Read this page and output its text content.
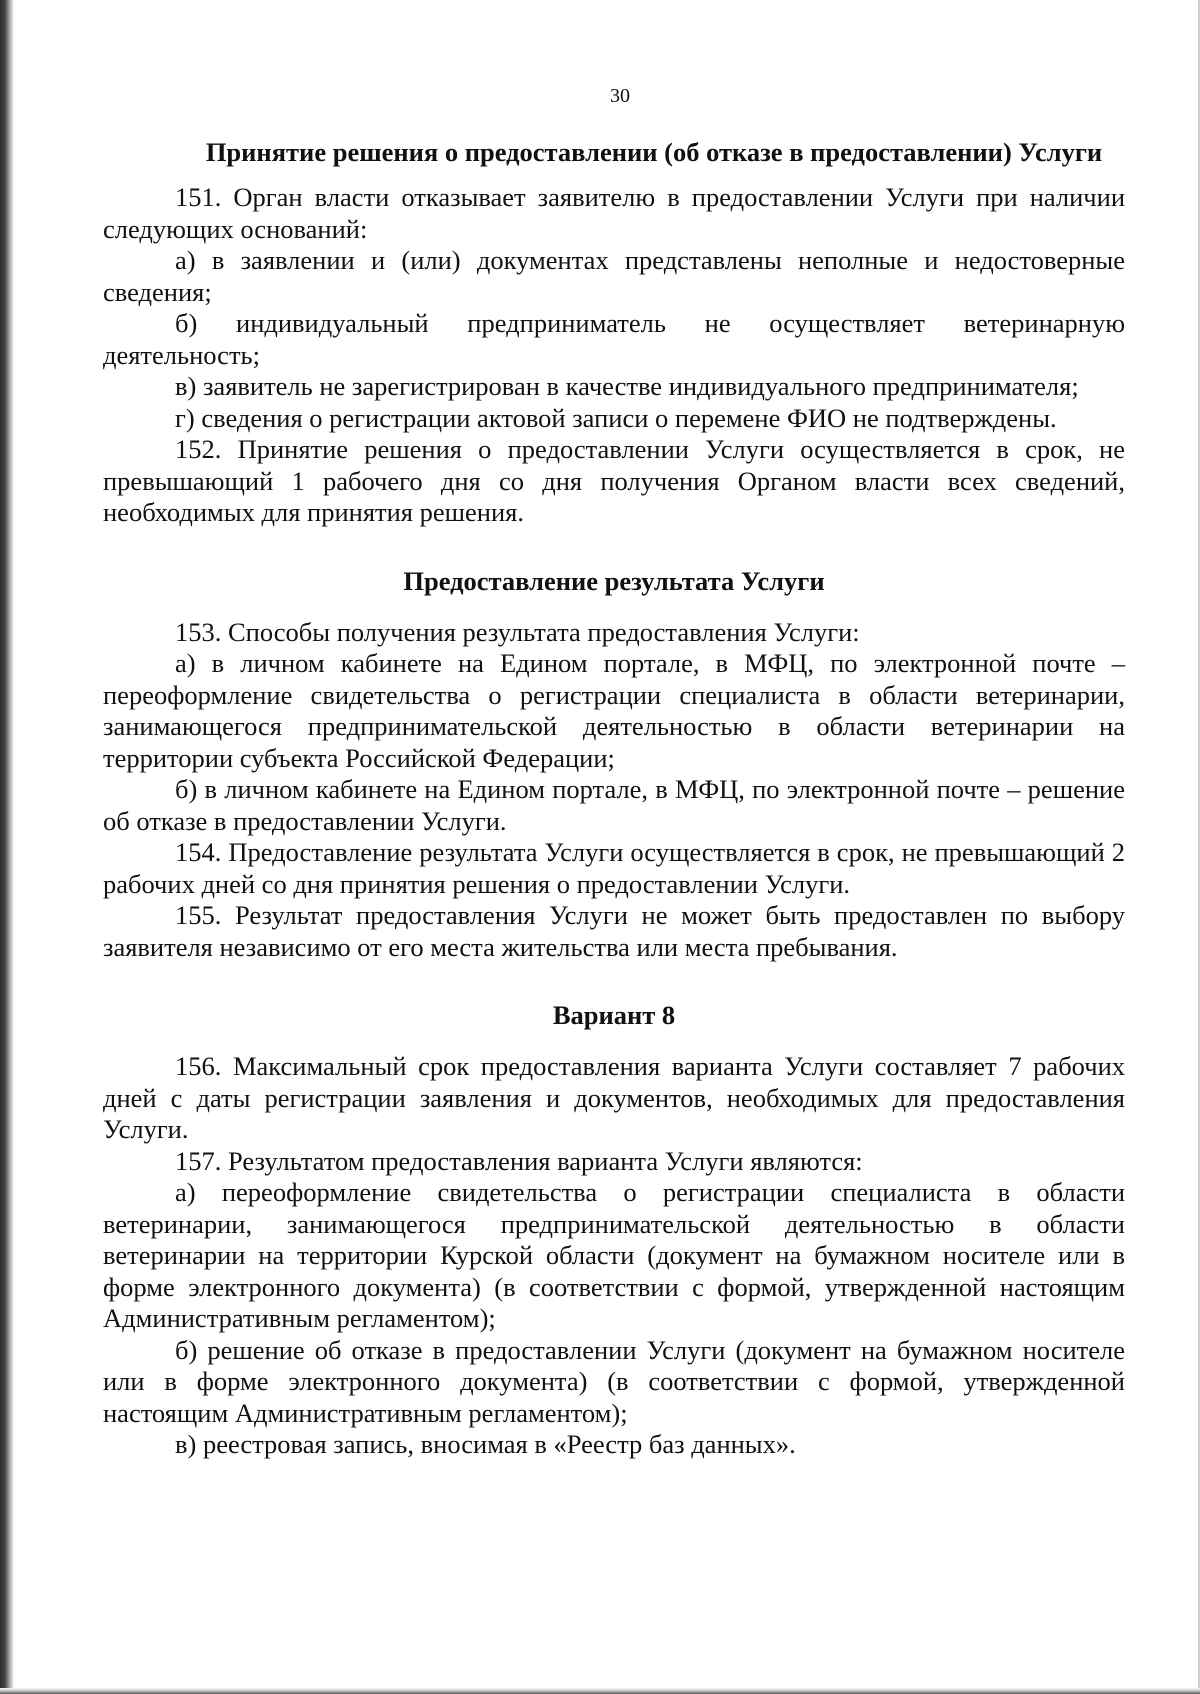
30
Принятие решения о предоставлении (об отказе в предоставлении) Услуги

151. Орган власти отказывает заявителю в предоставлении Услуги при наличии следующих оснований:

а) в заявлении и (или) документах представлены неполные и недостоверные сведения;

б) индивидуальный предприниматель не осуществляет ветеринарную деятельность;

в) заявитель не зарегистрирован в качестве индивидуального предпринимателя;

г) сведения о регистрации актовой записи о перемене ФИО не подтверждены.

152. Принятие решения о предоставлении Услуги осуществляется в срок, не превышающий 1 рабочего дня со дня получения Органом власти всех сведений, необходимых для принятия решения.

Предоставление результата Услуги

153. Способы получения результата предоставления Услуги:

а) в личном кабинете на Едином портале, в МФЦ, по электронной почте – переоформление свидетельства о регистрации специалиста в области ветеринарии, занимающегося предпринимательской деятельностью в области ветеринарии на территории субъекта Российской Федерации;

б) в личном кабинете на Едином портале, в МФЦ, по электронной почте – решение об отказе в предоставлении Услуги.

154. Предоставление результата Услуги осуществляется в срок, не превышающий 2 рабочих дней со дня принятия решения о предоставлении Услуги.

155. Результат предоставления Услуги не может быть предоставлен по выбору заявителя независимо от его места жительства или места пребывания.

Вариант 8

156. Максимальный срок предоставления варианта Услуги составляет 7 рабочих дней с даты регистрации заявления и документов, необходимых для предоставления Услуги.

157. Результатом предоставления варианта Услуги являются:

а) переоформление свидетельства о регистрации специалиста в области ветеринарии, занимающегося предпринимательской деятельностью в области ветеринарии на территории Курской области (документ на бумажном носителе или в форме электронного документа) (в соответствии с формой, утвержденной настоящим Административным регламентом);

б) решение об отказе в предоставлении Услуги (документ на бумажном носителе или в форме электронного документа) (в соответствии с формой, утвержденной настоящим Административным регламентом);

в) реестровая запись, вносимая в «Реестр баз данных».
